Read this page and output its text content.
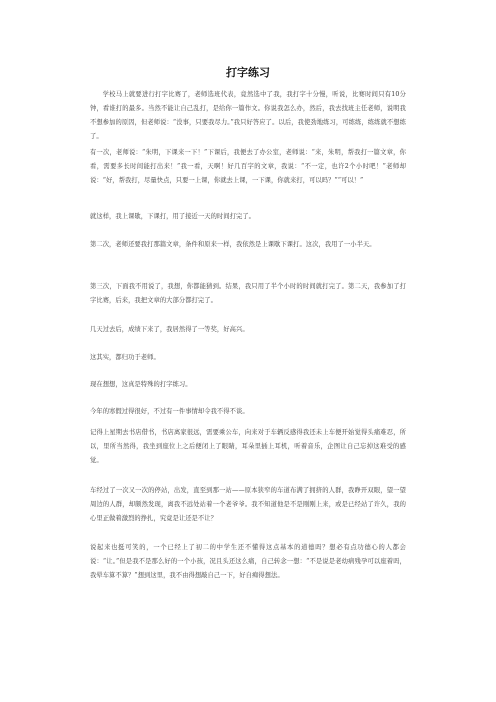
打字练习
学校马上就要进行打字比赛了，老师选班代表，竟然选中了我，我打字十分慢，听说，比赛时间只有10分钟，看谁打的最多。当然不能让自己乱打，是给你一篇作文。你说我怎么办，然后，我去找班主任老师，说明我不想参加的原因，但老师说：“没事，只要我尽力。”我只好答应了。以后，我使劲地练习，可练练，练练就不想练了。
有一次，老师说：“朱明，下课来一下！”下课后，我便去了办公室，老师说：“来，朱明，帮我打一篇文章，你看，需要多长时间能打出来！”我一看，天啊！好几百字的文章，我说：“不一定，也许2个小时吧！”老师却说：“好，帮我打，尽量快点，只要一上课，你就去上课，一下课，你就来打，可以吗？”“可以！”
就这样，我上课歇，下课打，用了接近一天的时间打完了。
第二次，老师还要我打那篇文章，条件和原来一样，我依然是上课歇下课打。这次，我用了一小半天。
第三次，下面我不用说了，我想，你都能猜到。结果，我只用了半个小时的时间就打完了。第二天，我参加了打字比赛，后来，我把文章的大部分都打完了。
几天过去后，成绩下来了，我居然得了一等奖，好高兴。
这其实，都归功于老师。
现在想想，这真是特殊的打字练习。
今年的寒假过得很好，不过有一件事情却令我不得不谈。
记得上星期去书店借书，书店离家很远，需要乘公车，向来对于车辆反感得我还未上车便开始觉得头痛难忍，所以，里所当然得，我坐到座位上之后便闭上了眼睛，耳朵里插上耳机，听着音乐，企图让自己忘掉这难受的感觉。
车经过了一次又一次的停站，出发，直至到那一站——原本狭窄的车道布满了拥挤的人群，我睁开双眼，望一望周边的人群，却颇然发现，离我不远处站着一个老爷爷。我不知道他是不是刚刚上来，或是已经站了许久，我的心里正做着激烈的挣扎，究竟是让还是不让？
说起来也挺可笑的，一个已经上了初二的中学生还不懂得这点基本的道德吗？想必有点功德心的人都会说：“让。”但是我不是那么好的一个小孩，况且头还这么痛，自己转念一想：“不是说是老幼病残孕可以座着吗，我晕车算不算？”想到这里，我不由得想敲自己一下，好自痴得想法。
